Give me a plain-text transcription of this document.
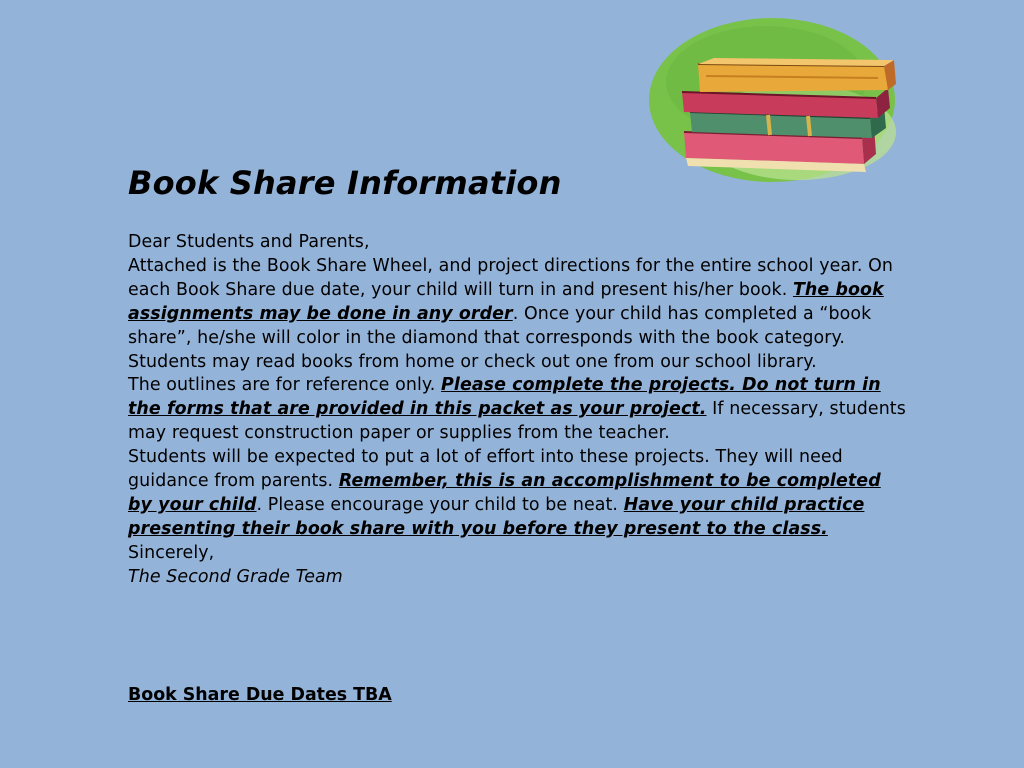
Book Share Information

Dear Students and Parents,

Attached is the Book Share Wheel, and project directions for the entire school year. On each Book Share due date, your child will turn in and present his/her book. The book assignments may be done in any order. Once your child has completed a “book share”, he/she will color in the diamond that corresponds with the book category. Students may read books from home or check out one from our school library.

The outlines are for reference only. Please complete the projects. Do not turn in the forms that are provided in this packet as your project. If necessary, students may request construction paper or supplies from the teacher.

Students will be expected to put a lot of effort into these projects. They will need guidance from parents. Remember, this is an accomplishment to be completed by your child. Please encourage your child to be neat. Have your child practice presenting their book share with you before they present to the class.

Sincerely,

The Second Grade Team

Book Share Due Dates TBA
